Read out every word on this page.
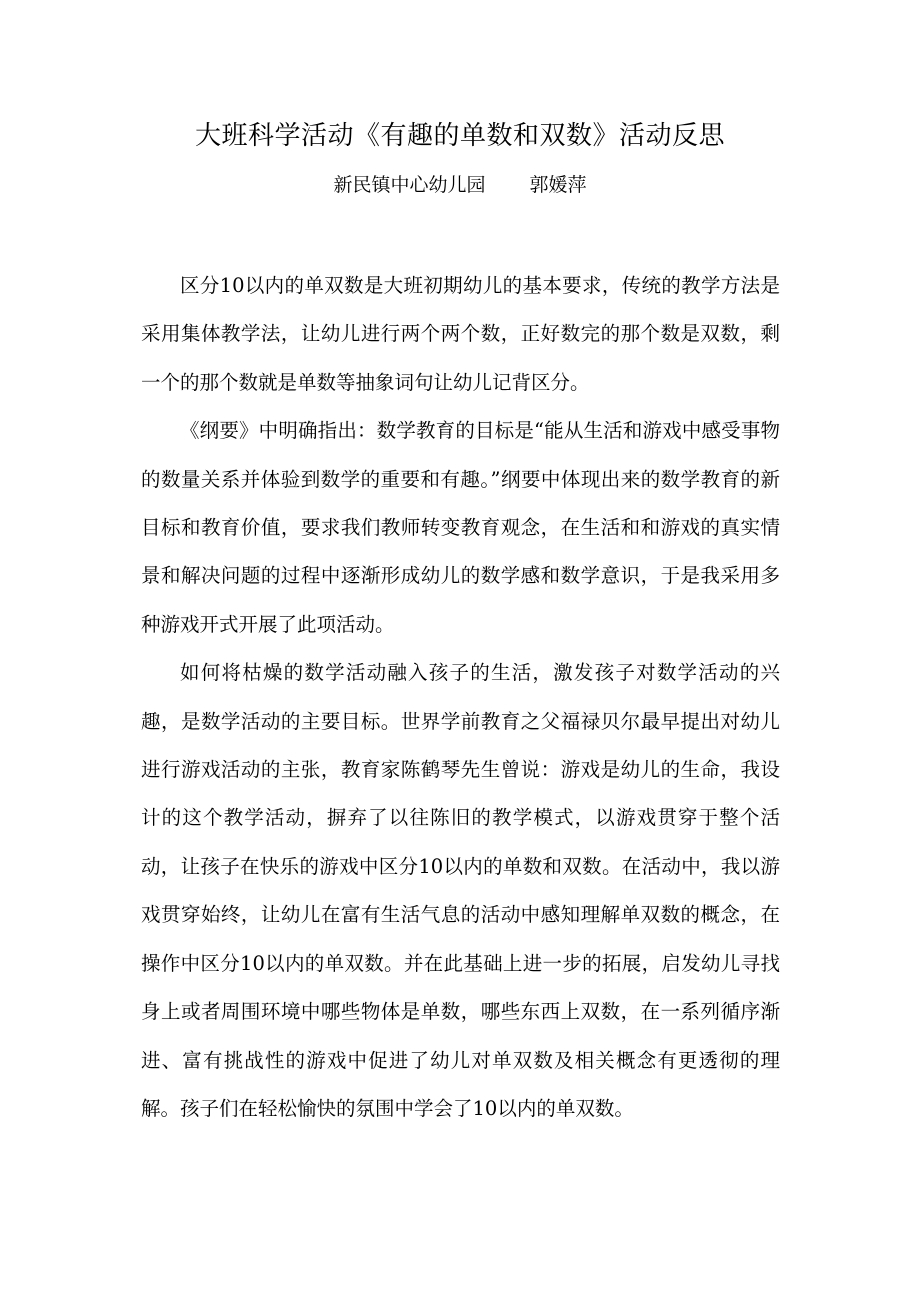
大班科学活动《有趣的单数和双数》活动反思
新民镇中心幼儿园 郭媛萍

区分10以内的单双数是大班初期幼儿的基本要求，传统的教学方法是采用集体教学法，让幼儿进行两个两个数，正好数完的那个数是双数，剩一个的那个数就是单数等抽象词句让幼儿记背区分。

《纲要》中明确指出：数学教育的目标是“能从生活和游戏中感受事物的数量关系并体验到数学的重要和有趣。”纲要中体现出来的数学教育的新目标和教育价值，要求我们教师转变教育观念，在生活和和游戏的真实情景和解决问题的过程中逐渐形成幼儿的数学感和数学意识，于是我采用多种游戏开式开展了此项活动。

如何将枯燥的数学活动融入孩子的生活，激发孩子对数学活动的兴趣，是数学活动的主要目标。世界学前教育之父福禄贝尔最早提出对幼儿进行游戏活动的主张，教育家陈鹤琴先生曾说：游戏是幼儿的生命，我设计的这个教学活动，摒弃了以往陈旧的教学模式，以游戏贯穿于整个活动，让孩子在快乐的游戏中区分10以内的单数和双数。在活动中，我以游戏贯穿始终，让幼儿在富有生活气息的活动中感知理解单双数的概念，在操作中区分10以内的单双数。并在此基础上进一步的拓展，启发幼儿寻找身上或者周围环境中哪些物体是单数，哪些东西上双数，在一系列循序渐进、富有挑战性的游戏中促进了幼儿对单双数及相关概念有更透彻的理解。孩子们在轻松愉快的氛围中学会了10以内的单双数。
